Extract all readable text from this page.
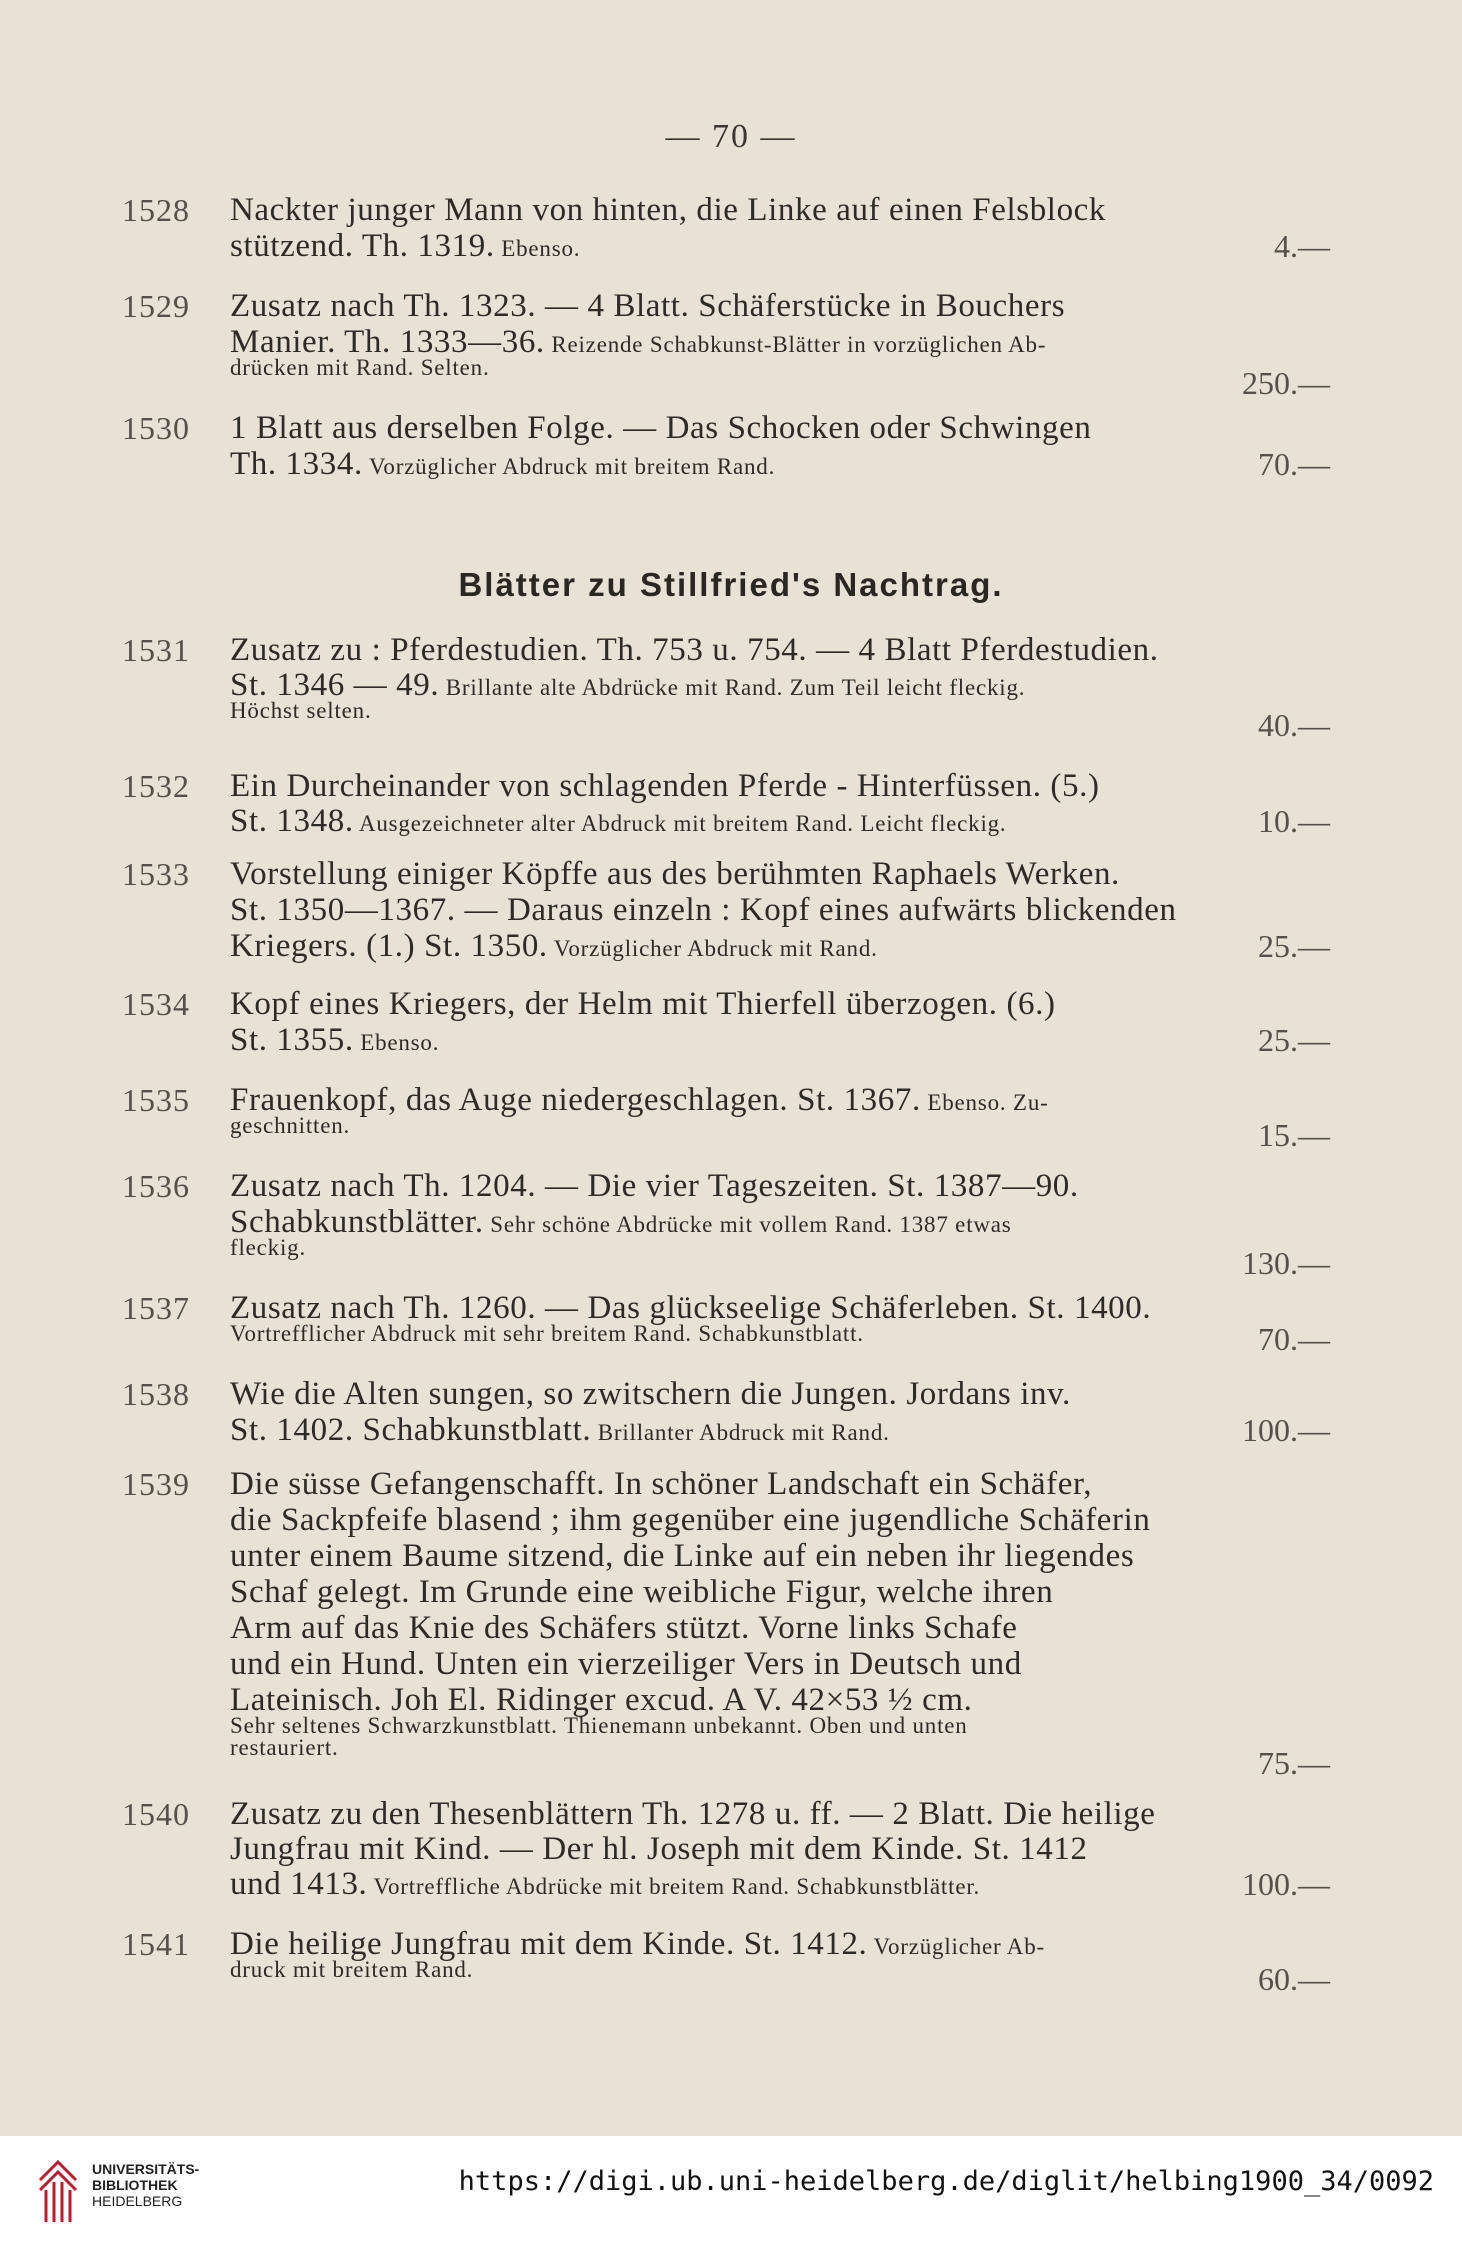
— 70 —
1528	Nackter junger Mann von hinten, die Linke auf einen Felsblock
stützend. Th. 1319. Ebenso.	4.—
1529	Zusatz nach Th. 1323. — 4 Blatt. Schäferstücke in Bouchers
Manier. Th. 1333—36. Reizende Schabkunst-Blätter in vorzüglichen Ab-
drücken mit Rand. Selten.	250.—
1530	1 Blatt aus derselben Folge. — Das Schocken oder Schwingen
Th. 1334. Vorzüglicher Abdruck mit breitem Rand.	70.—
Blätter zu Stillfried's Nachtrag.
1531	Zusatz zu : Pferdestudien. Th. 753 u. 754. — 4 Blatt Pferdestudien.
St. 1346 — 49. Brillante alte Abdrücke mit Rand. Zum Teil leicht fleckig.
Höchst selten.	40.—
1532	Ein Durcheinander von schlagenden Pferde - Hinterfüssen. (5.)
St. 1348. Ausgezeichneter alter Abdruck mit breitem Rand. Leicht fleckig.	10.—
1533	Vorstellung einiger Köpffe aus des berühmten Raphaels Werken.
St. 1350—1367. — Daraus einzeln : Kopf eines aufwärts blickenden
Kriegers. (1.) St. 1350. Vorzüglicher Abdruck mit Rand.	25.—
1534	Kopf eines Kriegers, der Helm mit Thierfell überzogen. (6.)
St. 1355. Ebenso.	25.—
1535	Frauenkopf, das Auge niedergeschlagen. St. 1367. Ebenso. Zu-
geschnitten.	15.—
1536	Zusatz nach Th. 1204. — Die vier Tageszeiten. St. 1387—90.
Schabkunstblätter. Sehr schöne Abdrücke mit vollem Rand. 1387 etwas
fleckig.	130.—
1537	Zusatz nach Th. 1260. — Das glückseelige Schäferleben. St. 1400.
Vortrefflicher Abdruck mit sehr breitem Rand. Schabkunstblatt.	70.—
1538	Wie die Alten sungen, so zwitschern die Jungen. Jordans inv.
St. 1402. Schabkunstblatt. Brillanter Abdruck mit Rand.	100.—
1539	Die süsse Gefangenschafft. In schöner Landschaft ein Schäfer,
die Sackpfeife blasend ; ihm gegenüber eine jugendliche Schäferin
unter einem Baume sitzend, die Linke auf ein neben ihr liegendes
Schaf gelegt. Im Grunde eine weibliche Figur, welche ihren
Arm auf das Knie des Schäfers stützt. Vorne links Schafe
und ein Hund. Unten ein vierzeiliger Vers in Deutsch und
Lateinisch. Joh El. Ridinger excud. A V. 42×53 ½ cm.
Sehr seltenes Schwarzkunstblatt. Thienemann unbekannt. Oben und unten
restauriert.	75.—
1540	Zusatz zu den Thesenblättern Th. 1278 u. ff. — 2 Blatt. Die heilige
Jungfrau mit Kind. — Der hl. Joseph mit dem Kinde. St. 1412
und 1413. Vortreffliche Abdrücke mit breitem Rand. Schabkunstblätter.	100.—
1541	Die heilige Jungfrau mit dem Kinde. St. 1412. Vorzüglicher Ab-
druck mit breitem Rand.	60.—
UNIVERSITÄTS-
BIBLIOTHEK
HEIDELBERG
https://digi.ub.uni-heidelberg.de/diglit/helbing1900_34/0092
